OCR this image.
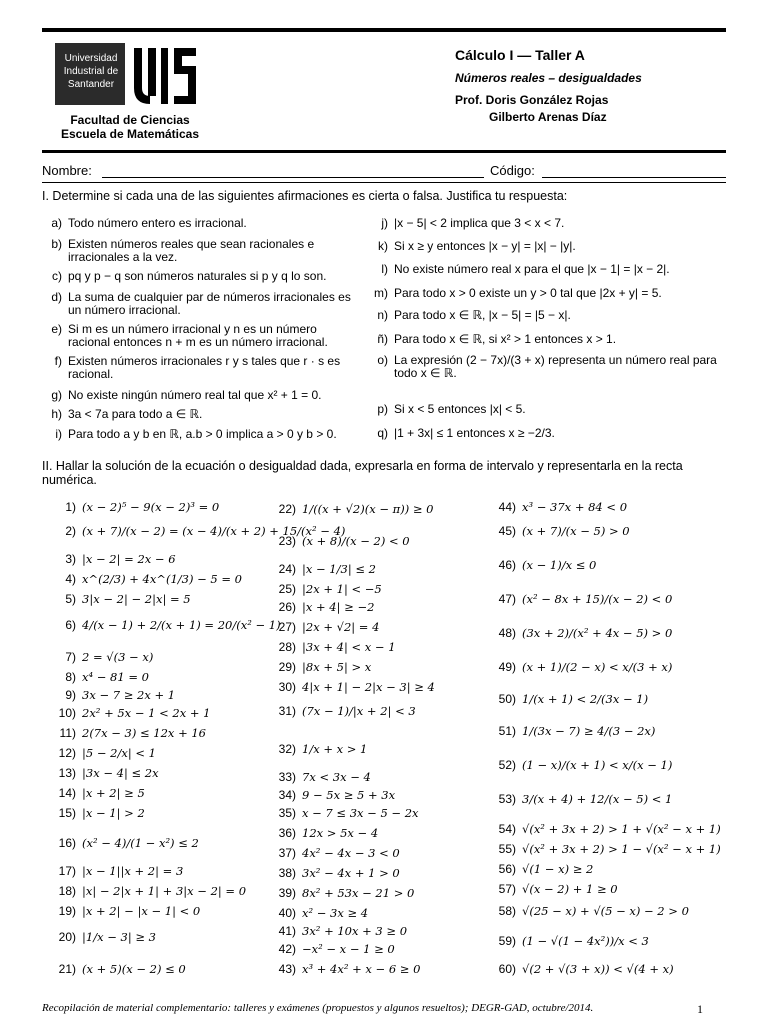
Universidad Industrial de Santander
Facultad de Ciencias
Escuela de Matemáticas
Cálculo I — Taller A
Números reales – desigualdades
Prof. Doris González Rojas
Gilberto Arenas Díaz
Nombre:	Código:
I. Determine si cada una de las siguientes afirmaciones es cierta o falsa. Justifica tu respuesta:
a) Todo número entero es irracional.
b) Existen números reales que sean racionales e irracionales a la vez.
c) pq y p − q son números naturales si p y q lo son.
d) La suma de cualquier par de números irracionales es un número irracional.
e) Si m es un número irracional y n es un número racional entonces n + m es un número irracional.
f) Existen números irracionales r y s tales que r · s es racional.
g) No existe ningún número real tal que x² + 1 = 0.
h) 3a < 7a para todo a ∈ ℝ.
i) Para todo a y b en ℝ, a.b > 0 implica a > 0 y b > 0.
j) |x − 5| < 2 implica que 3 < x < 7.
k) Si x ≥ y entonces |x − y| = |x| − |y|.
l) No existe número real x para el que |x − 1| = |x − 2|.
m) Para todo x > 0 existe un y > 0 tal que |2x + y| = 5.
n) Para todo x ∈ ℝ, |x − 5| = |5 − x|.
ñ) Para todo x ∈ ℝ, si x² > 1 entonces x > 1.
o) La expresión (2 − 7x)/(3 + x) representa un número real para todo x ∈ ℝ.
p) Si x < 5 entonces |x| < 5.
q) |1 + 3x| ≤ 1 entonces x ≥ −2/3.
II. Hallar la solución de la ecuación o desigualdad dada, expresarla en forma de intervalo y representarla en la recta numérica.
1) (x − 2)⁵ − 9(x − 2)³ = 0
2) (x + 7)/(x − 2) = (x − 4)/(x + 2) + 15/(x² − 4)
3) |x − 2| = 2x − 6
4) x^(2/3) + 4x^(1/3) − 5 = 0
5) 3|x − 2| − 2|x| = 5
6) 4/(x − 1) + 2/(x + 1) = 20/(x² − 1)
7) 2 = √(3 − x)
8) x⁴ − 81 = 0
9) 3x − 7 ≥ 2x + 1
10) 2x² + 5x − 1 < 2x + 1
11) 2(7x − 3) ≤ 12x + 16
12) |5 − 2/x| < 1
13) |3x − 4| ≤ 2x
14) |x + 2| ≥ 5
15) |x − 1| > 2
16) (x² − 4)/(1 − x²) ≤ 2
17) |x − 1||x + 2| = 3
18) |x| − 2|x + 1| + 3|x − 2| = 0
19) |x + 2| − |x − 1| < 0
20) |1/x − 3| ≥ 3
21) (x + 5)(x − 2) ≤ 0
22) 1/((x + √2)(x − π)) ≥ 0
23) (x + 8)/(x − 2) < 0
24) |x − 1/3| ≤ 2
25) |2x + 1| < −5
26) |x + 4| ≥ −2
27) |2x + √2| = 4
28) |3x + 4| < x − 1
29) |8x + 5| > x
30) 4|x + 1| − 2|x − 3| ≥ 4
31) (7x − 1)/|x + 2| < 3
32) 1/x + x > 1
33) 7x < 3x − 4
34) 9 − 5x ≥ 5 + 3x
35) x − 7 ≤ 3x − 5 − 2x
36) 12x > 5x − 4
37) 4x² − 4x − 3 < 0
38) 3x² − 4x + 1 > 0
39) 8x² + 53x − 21 > 0
40) x² − 3x ≥ 4
41) 3x² + 10x + 3 ≥ 0
42) −x² − x − 1 ≥ 0
43) x³ + 4x² + x − 6 ≥ 0
44) x³ − 37x + 84 < 0
45) (x + 7)/(x − 5) > 0
46) (x − 1)/x ≤ 0
47) (x² − 8x + 15)/(x − 2) < 0
48) (3x + 2)/(x² + 4x − 5) > 0
49) (x + 1)/(2 − x) < x/(3 + x)
50) 1/(x + 1) < 2/(3x − 1)
51) 1/(3x − 7) ≥ 4/(3 − 2x)
52) (1 − x)/(x + 1) < x/(x − 1)
53) 3/(x + 4) + 12/(x − 5) < 1
54) √(x² + 3x + 2) > 1 + √(x² − x + 1)
55) √(x² + 3x + 2) > 1 − √(x² − x + 1)
56) √(1 − x) ≥ 2
57) √(x − 2) + 1 ≥ 0
58) √(25 − x) + √(5 − x) − 2 > 0
59) (1 − √(1 − 4x²))/x < 3
60) √(2 + √(3 + x)) < √(4 + x)
Recopilación de material complementario: talleres y exámenes (propuestos y algunos resueltos); DEGR-GAD, octubre/2014.	1
